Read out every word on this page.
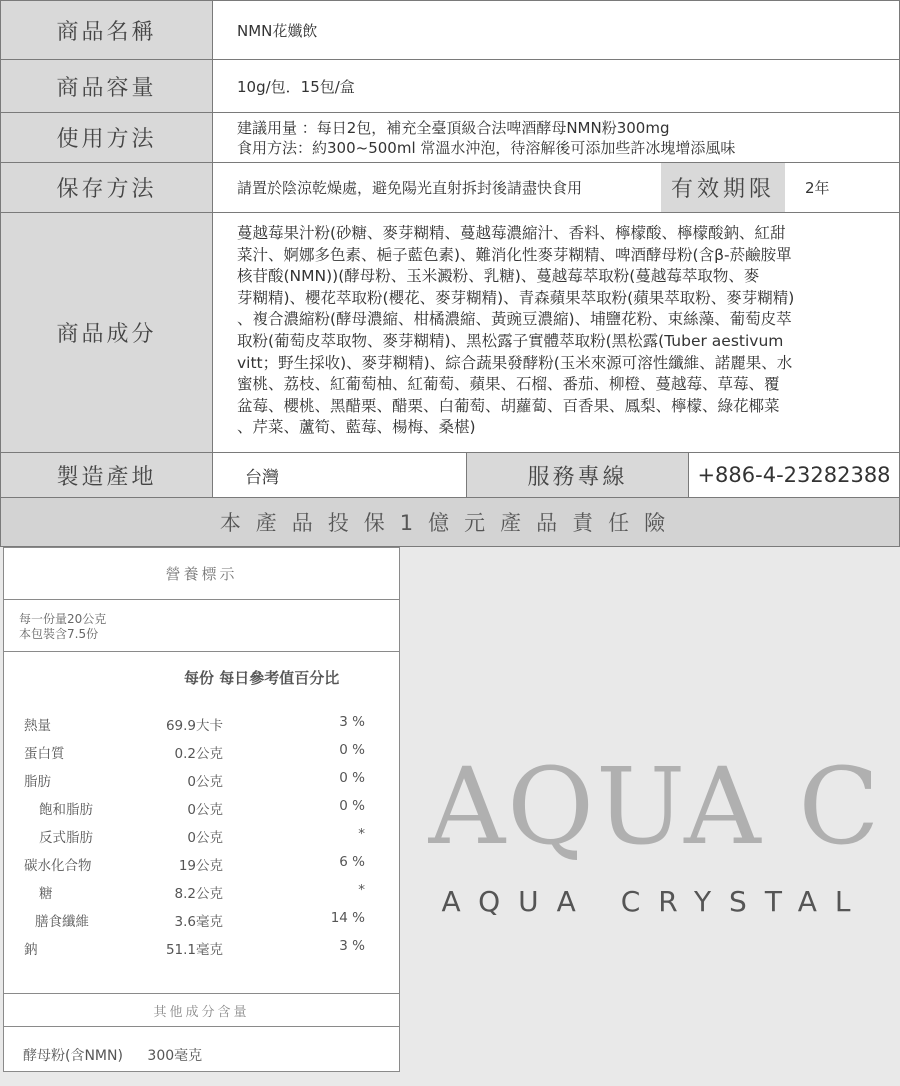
商品名稱	NMN花孅飲
商品容量	10g/包．15包/盒
使用方法	建議用量 ：每日2包，補充全臺頂級合法啤酒酵母NMN粉300mg
食用方法：約300~500ml 常溫水沖泡，待溶解後可添加些許冰塊增添風味
保存方法	請置於陰涼乾燥處，避免陽光直射拆封後請盡快食用	有效期限	2年
商品成分
蔓越莓果汁粉(砂糖、麥芽糊精、蔓越莓濃縮汁、香料、檸檬酸、檸檬酸鈉、紅甜
菜汁、婀娜多色素、梔子藍色素)、難消化性麥芽糊精、啤酒酵母粉(含β-菸鹼胺單
核苷酸(NMN))(酵母粉、玉米澱粉、乳糖)、蔓越莓萃取粉(蔓越莓萃取物、麥
芽糊精)、櫻花萃取粉(櫻花、麥芽糊精)、青森蘋果萃取粉(蘋果萃取粉、麥芽糊精)
、複合濃縮粉(酵母濃縮、柑橘濃縮、黃豌豆濃縮)、埔鹽花粉、束絲藻、葡萄皮萃
取粉(葡萄皮萃取物、麥芽糊精)、黑松露子實體萃取粉(黑松露(Tuber aestivum
vitt；野生採收)、麥芽糊精)、綜合蔬果發酵粉(玉米來源可溶性纖維、諾麗果、水
蜜桃、荔枝、紅葡萄柚、紅葡萄、蘋果、石榴、番茄、柳橙、蔓越莓、草莓、覆
盆莓、櫻桃、黑醋栗、醋栗、白葡萄、胡蘿蔔、百香果、鳳梨、檸檬、綠花椰菜
、芹菜、蘆筍、藍莓、楊梅、桑椹)
製造產地	台灣	服務專線	+886-4-23282388
本產品投保1億元產品責任險
營養標示
每一份量20公克
本包裝含7.5份
每份 每日參考值百分比
熱量	69.9大卡	3 %
蛋白質	0.2公克	0 %
脂肪	0公克	0 %
飽和脂肪	0公克	0 %
反式脂肪	0公克	*
碳水化合物	19公克	6 %
糖	8.2公克	*
膳食纖維	3.6毫克	14 %
鈉	51.1毫克	3 %
其他成分含量
酵母粉(含NMN) 300毫克
AQUA C
AQUA CRYSTAL
